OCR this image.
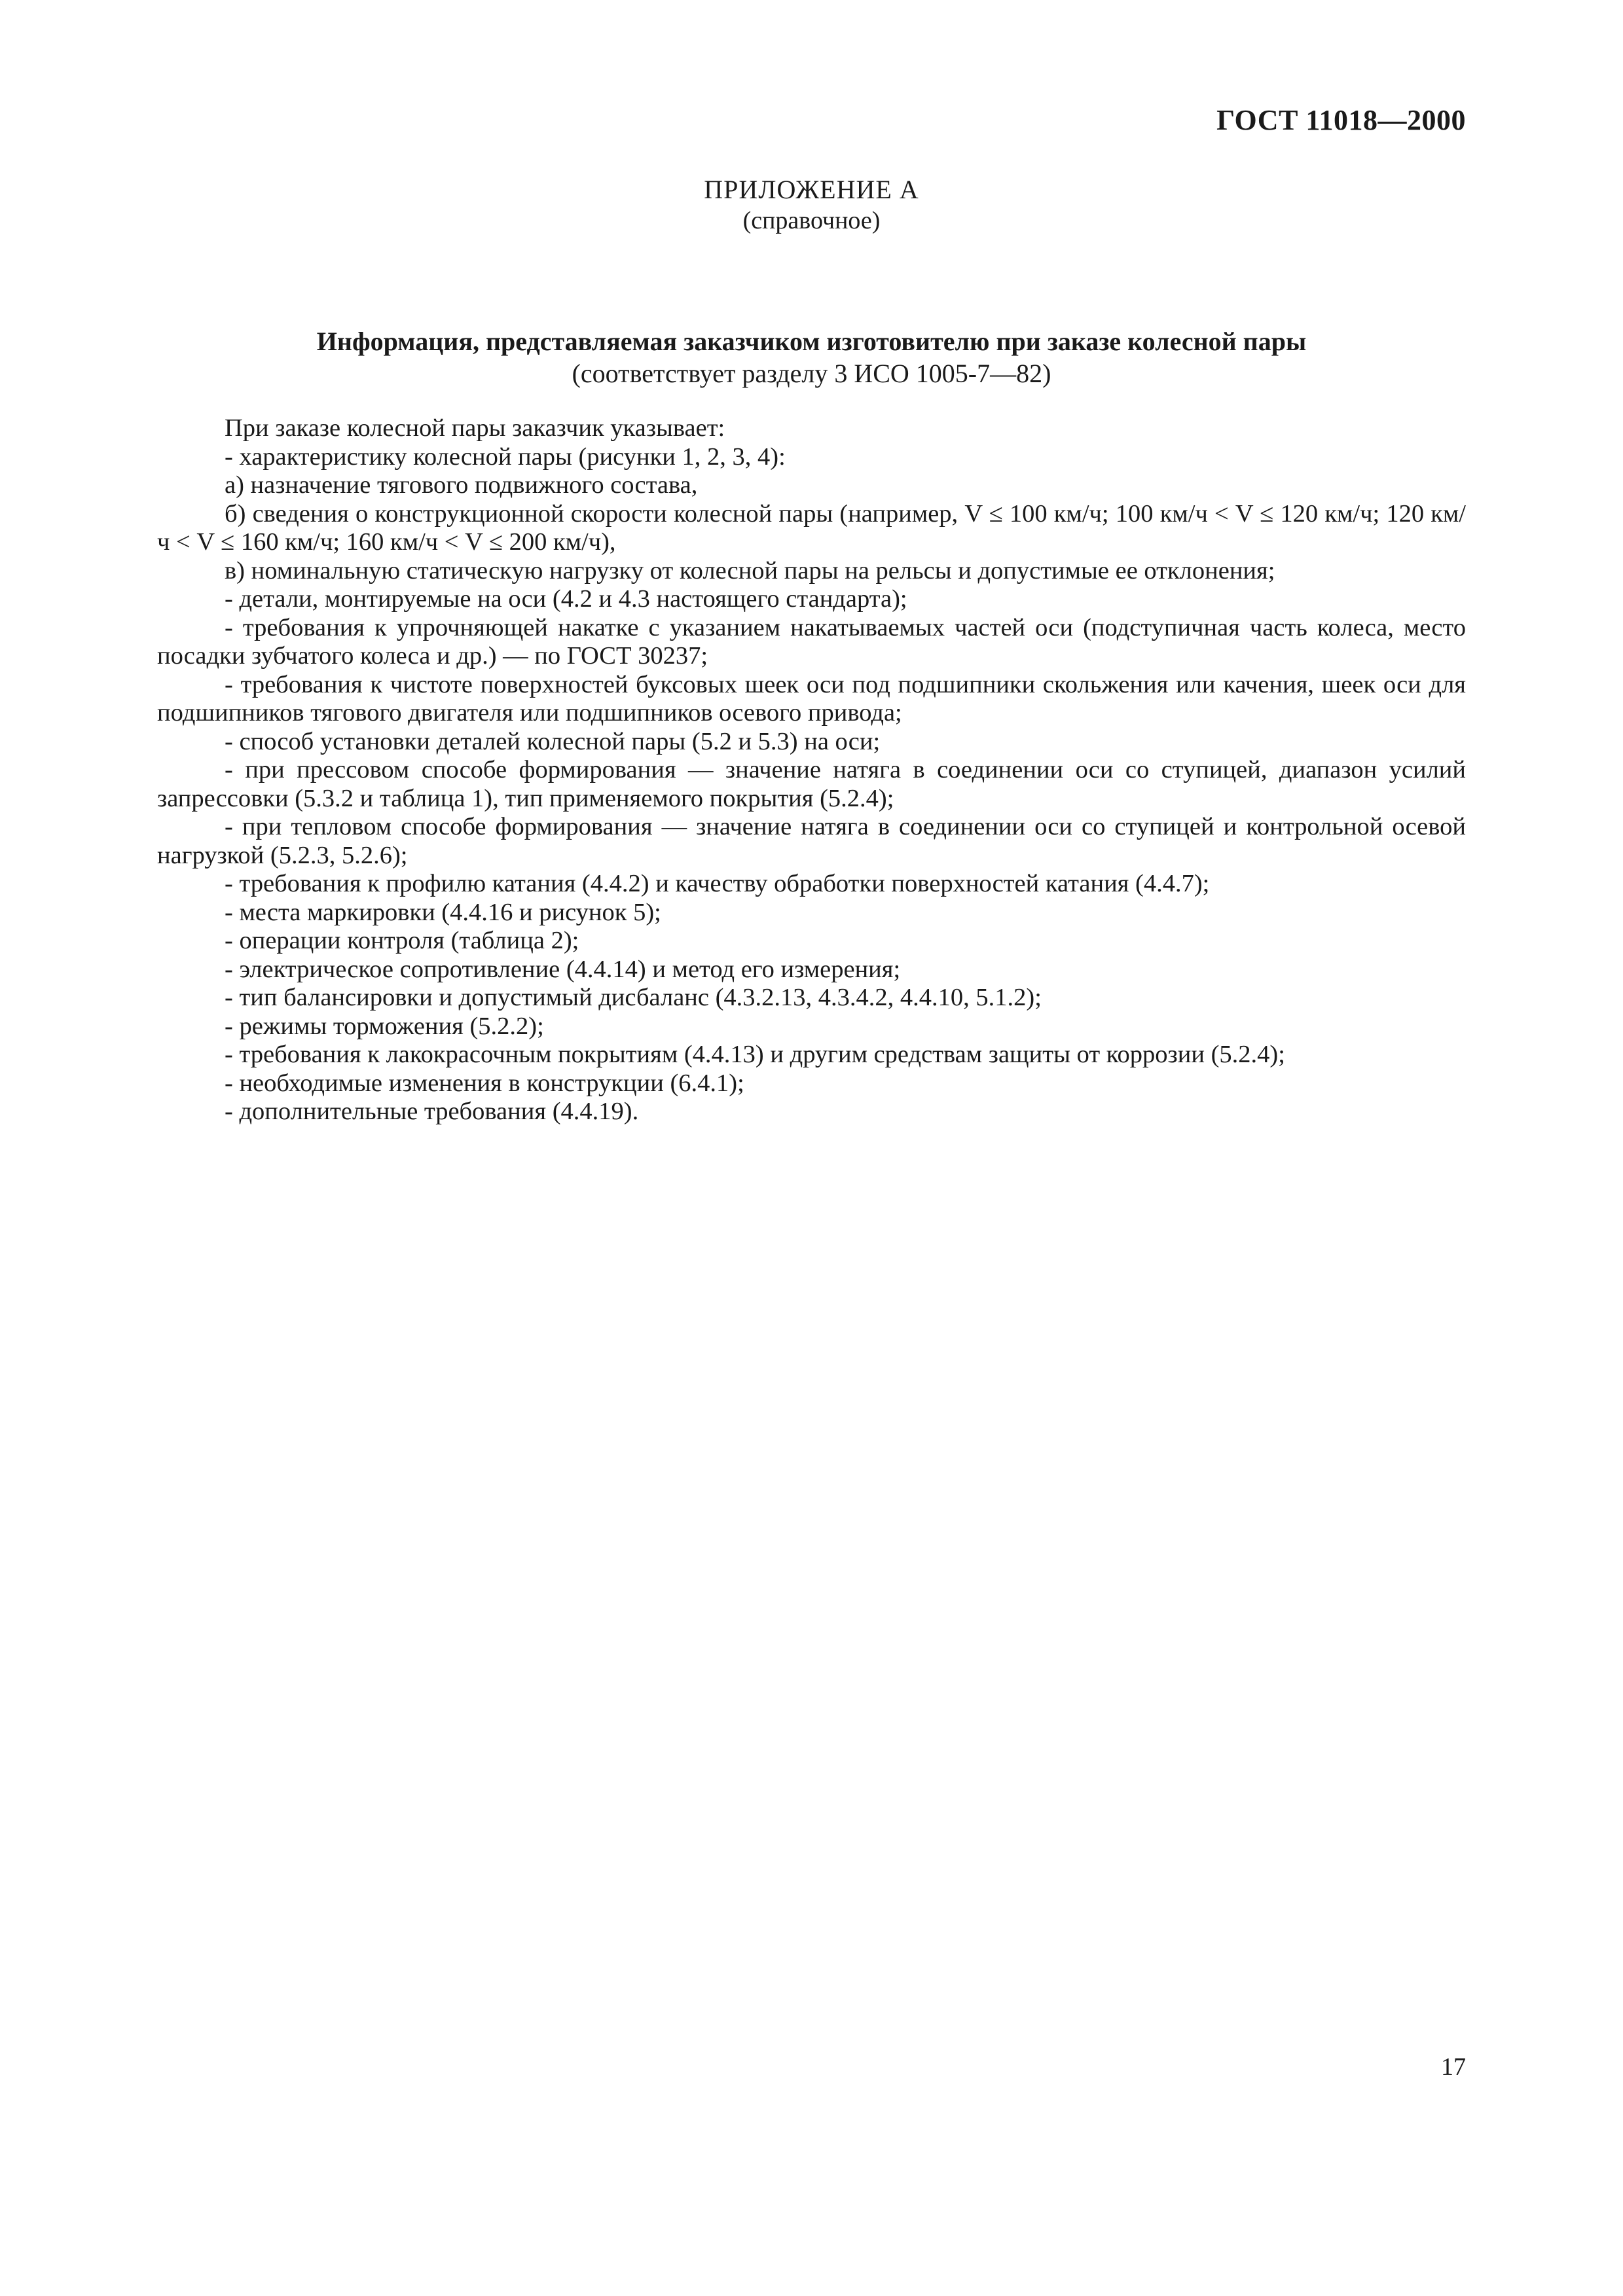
ГОСТ 11018—2000
ПРИЛОЖЕНИЕ А
(справочное)
Информация, представляемая заказчиком изготовителю при заказе колесной пары
(соответствует разделу 3 ИСО 1005-7—82)

При заказе колесной пары заказчик указывает:

- характеристику колесной пары (рисунки 1, 2, 3, 4):

а) назначение тягового подвижного состава,

б) сведения о конструкционной скорости колесной пары (например, V ≤ 100 км/ч; 100 км/ч < V ≤ 120 км/ч; 120 км/ч < V ≤ 160 км/ч; 160 км/ч < V ≤ 200 км/ч),

в) номинальную статическую нагрузку от колесной пары на рельсы и допустимые ее отклонения;

- детали, монтируемые на оси (4.2 и 4.3 настоящего стандарта);

- требования к упрочняющей накатке с указанием накатываемых частей оси (подступичная часть колеса, место посадки зубчатого колеса и др.) — по ГОСТ 30237;

- требования к чистоте поверхностей буксовых шеек оси под подшипники скольжения или качения, шеек оси для подшипников тягового двигателя или подшипников осевого привода;

- способ установки деталей колесной пары (5.2 и 5.3) на оси;

- при прессовом способе формирования — значение натяга в соединении оси со ступицей, диапазон усилий запрессовки (5.3.2 и таблица 1), тип применяемого покрытия (5.2.4);

- при тепловом способе формирования — значение натяга в соединении оси со ступицей и контрольной осевой нагрузкой (5.2.3, 5.2.6);

- требования к профилю катания (4.4.2) и качеству обработки поверхностей катания (4.4.7);

- места маркировки (4.4.16 и рисунок 5);

- операции контроля (таблица 2);

- электрическое сопротивление (4.4.14) и метод его измерения;

- тип балансировки и допустимый дисбаланс (4.3.2.13, 4.3.4.2, 4.4.10, 5.1.2);

- режимы торможения (5.2.2);

- требования к лакокрасочным покрытиям (4.4.13) и другим средствам защиты от коррозии (5.2.4);

- необходимые изменения в конструкции (6.4.1);

- дополнительные требования (4.4.19).

17
